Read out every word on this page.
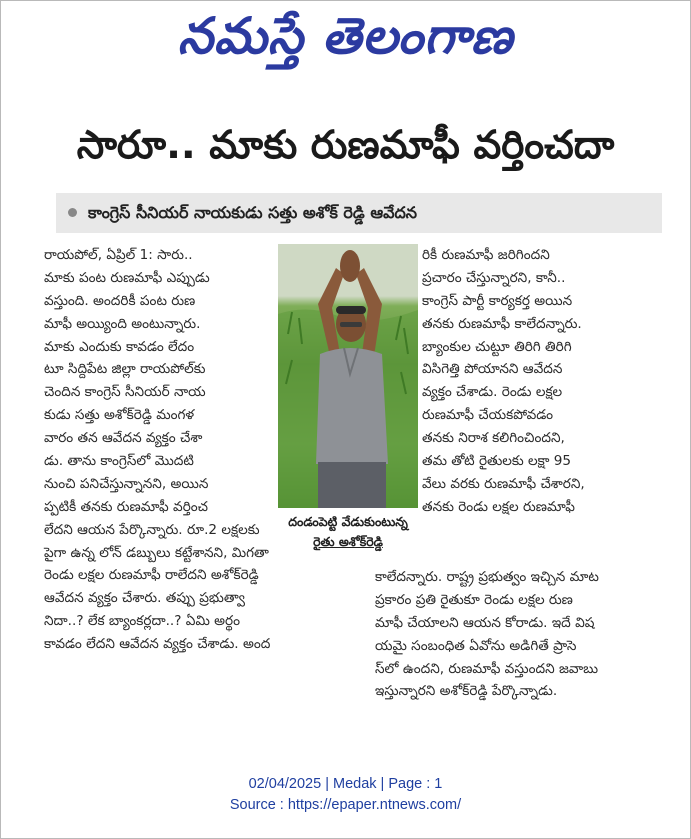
నమస్తే తెలంగాణ
సారూ.. మాకు రుణమాఫీ వర్తించదా
కాంగ్రెస్ సీనియర్ నాయకుడు సత్తు అశోక్ రెడ్డి ఆవేదన
రాయపోల్, ఏప్రిల్ 1: సారు..
మాకు పంట రుణమాఫీ ఎప్పుడు
వస్తుంది. అందరికీ పంట రుణ
మాఫీ అయ్యింది అంటున్నారు.
మాకు ఎందుకు కావడం లేదం
టూ సిద్దిపేట జిల్లా రాయపోల్‌కు
చెందిన కాంగ్రెస్ సీనియర్ నాయ
కుడు సత్తు అశోక్‌రెడ్డి మంగళ
వారం తన ఆవేదన వ్యక్తం చేశా
డు. తాను కాంగ్రెస్‌లో మొదటి
నుంచి పనిచేస్తున్నానని, అయిన
ప్పటికీ తనకు రుణమాఫీ వర్తించ
లేదని ఆయన పేర్కొన్నారు. రూ.2 లక్షలకు
పైగా ఉన్న లోన్ డబ్బులు కట్టేశానని, మిగతా
రెండు లక్షల రుణమాఫీ రాలేదని అశోక్‌రెడ్డి
ఆవేదన వ్యక్తం చేశారు. తప్పు ప్రభుత్వా
నిదా..? లేక బ్యాంకర్లదా..? ఏమి అర్థం
కావడం లేదని ఆవేదన వ్యక్తం చేశాడు. అంద
దండంపెట్టి వేడుకుంటున్న
రైతు అశోక్‌రెడ్డి
రికీ రుణమాఫీ జరిగిందని
ప్రచారం చేస్తున్నారని, కానీ..
కాంగ్రెస్ పార్టీ కార్యకర్త అయిన
తనకు రుణమాఫీ కాలేదన్నారు.
బ్యాంకుల చుట్టూ తిరిగి తిరిగి
విసిగెత్తి పోయానని ఆవేదన
వ్యక్తం చేశాడు. రెండు లక్షల
రుణమాఫీ చేయకపోవడం
తనకు నిరాశ కలిగించిందని,
తమ తోటి రైతులకు లక్షా 95
వేలు వరకు రుణమాఫీ చేశారని,
తనకు రెండు లక్షల రుణమాఫీ
కాలేదన్నారు. రాష్ట్ర ప్రభుత్వం ఇచ్చిన మాట
ప్రకారం ప్రతి రైతుకూ రెండు లక్షల రుణ
మాఫీ చేయాలని ఆయన కోరాడు. ఇదే విష
యమై సంబంధిత ఏవోను అడిగితే ప్రాసె
స్‌లో ఉందని, రుణమాఫీ వస్తుందని జవాబు
ఇస్తున్నారని అశోక్‌రెడ్డి పేర్కొన్నాడు.
02/04/2025 | Medak | Page : 1
Source : https://epaper.ntnews.com/
